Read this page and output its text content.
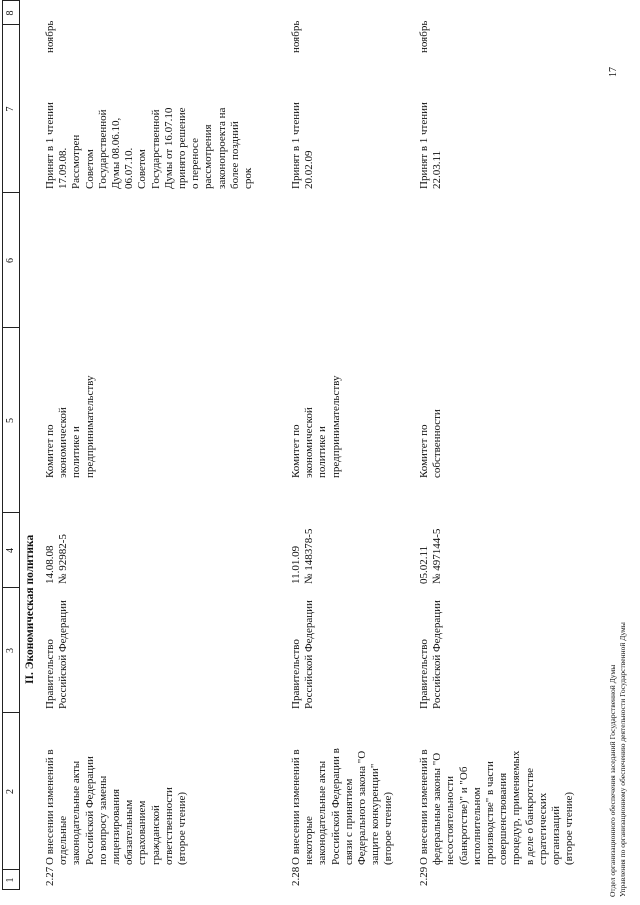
1
2
3
4
5
6
7
8
II. Экономическая политика
2.27
О внесении изменений в отдельные законодательные акты Российской Федерации по вопросу замены лицензирования обязательным страхованием гражданской ответственности (второе чтение)
Правительство Российской Федерации
14.08.08 № 92982-5
Комитет по экономической политике и предпринимательству
Принят в 1 чтении 17.09.08. Рассмотрен Советом Государственной Думы 08.06.10, 06.07.10. Советом Государственной Думы от 16.07.10 принято решение о переносе рассмотрения законопроекта на более поздний срок
ноябрь
2.28
О внесении изменений в некоторые законодательные акты Российской Федерации в связи с принятием Федерального закона "О защите конкуренции" (второе чтение)
Правительство Российской Федерации
11.01.09 № 148378-5
Комитет по экономической политике и предпринимательству
Принят в 1 чтении 20.02.09
ноябрь
2.29
О внесении изменений в федеральные законы "О несостоятельности (банкротстве)" и "Об исполнительном производстве" в части совершенствования процедур, применяемых в деле о банкротстве стратегических организаций (второе чтение)
Правительство Российской Федерации
05.02.11 № 497144-5
Комитет по собственности
Принят в 1 чтении 22.03.11
ноябрь
Отдел организационного обеспечения заседаний Государственной Думы Управления по организационному обеспечению деятельности Государственной Думы
17
